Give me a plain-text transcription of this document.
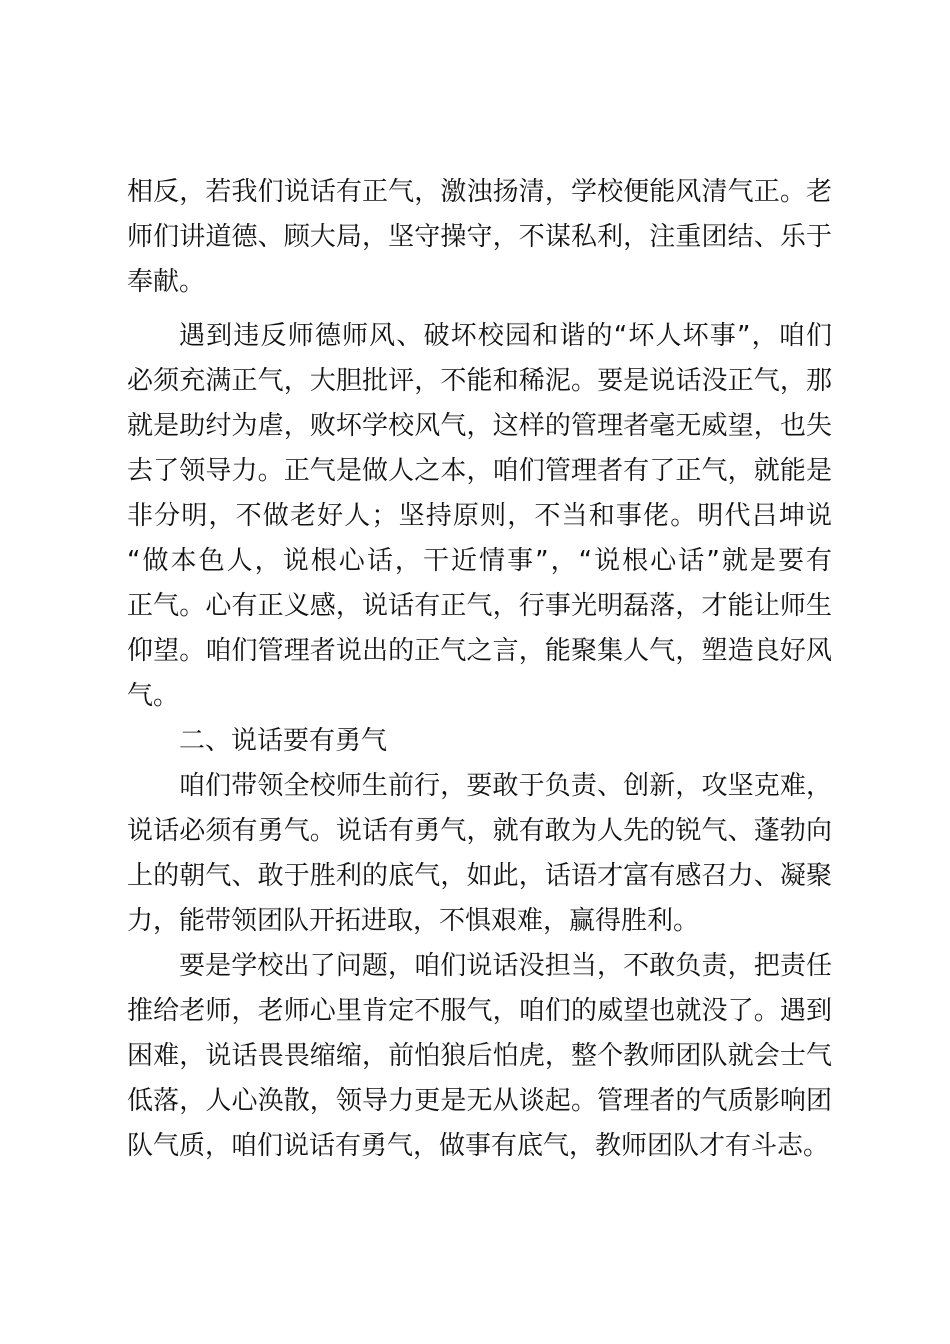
相反，若我们说话有正气，激浊扬清，学校便能风清气正。老
师们讲道德、顾大局，坚守操守，不谋私利，注重团结、乐于
奉献。
遇到违反师德师风、破坏校园和谐的“坏人坏事”，咱们
必须充满正气，大胆批评，不能和稀泥。要是说话没正气，那
就是助纣为虐，败坏学校风气，这样的管理者毫无威望，也失
去了领导力。正气是做人之本，咱们管理者有了正气，就能是
非分明，不做老好人；坚持原则，不当和事佬。明代吕坤说
“做本色人，说根心话，干近情事”，“说根心话”就是要有
正气。心有正义感，说话有正气，行事光明磊落，才能让师生
仰望。咱们管理者说出的正气之言，能聚集人气，塑造良好风
气。
二、说话要有勇气
咱们带领全校师生前行，要敢于负责、创新，攻坚克难，
说话必须有勇气。说话有勇气，就有敢为人先的锐气、蓬勃向
上的朝气、敢于胜利的底气，如此，话语才富有感召力、凝聚
力，能带领团队开拓进取，不惧艰难，赢得胜利。
要是学校出了问题，咱们说话没担当，不敢负责，把责任
推给老师，老师心里肯定不服气，咱们的威望也就没了。遇到
困难，说话畏畏缩缩，前怕狼后怕虎，整个教师团队就会士气
低落，人心涣散，领导力更是无从谈起。管理者的气质影响团
队气质，咱们说话有勇气，做事有底气，教师团队才有斗志。
